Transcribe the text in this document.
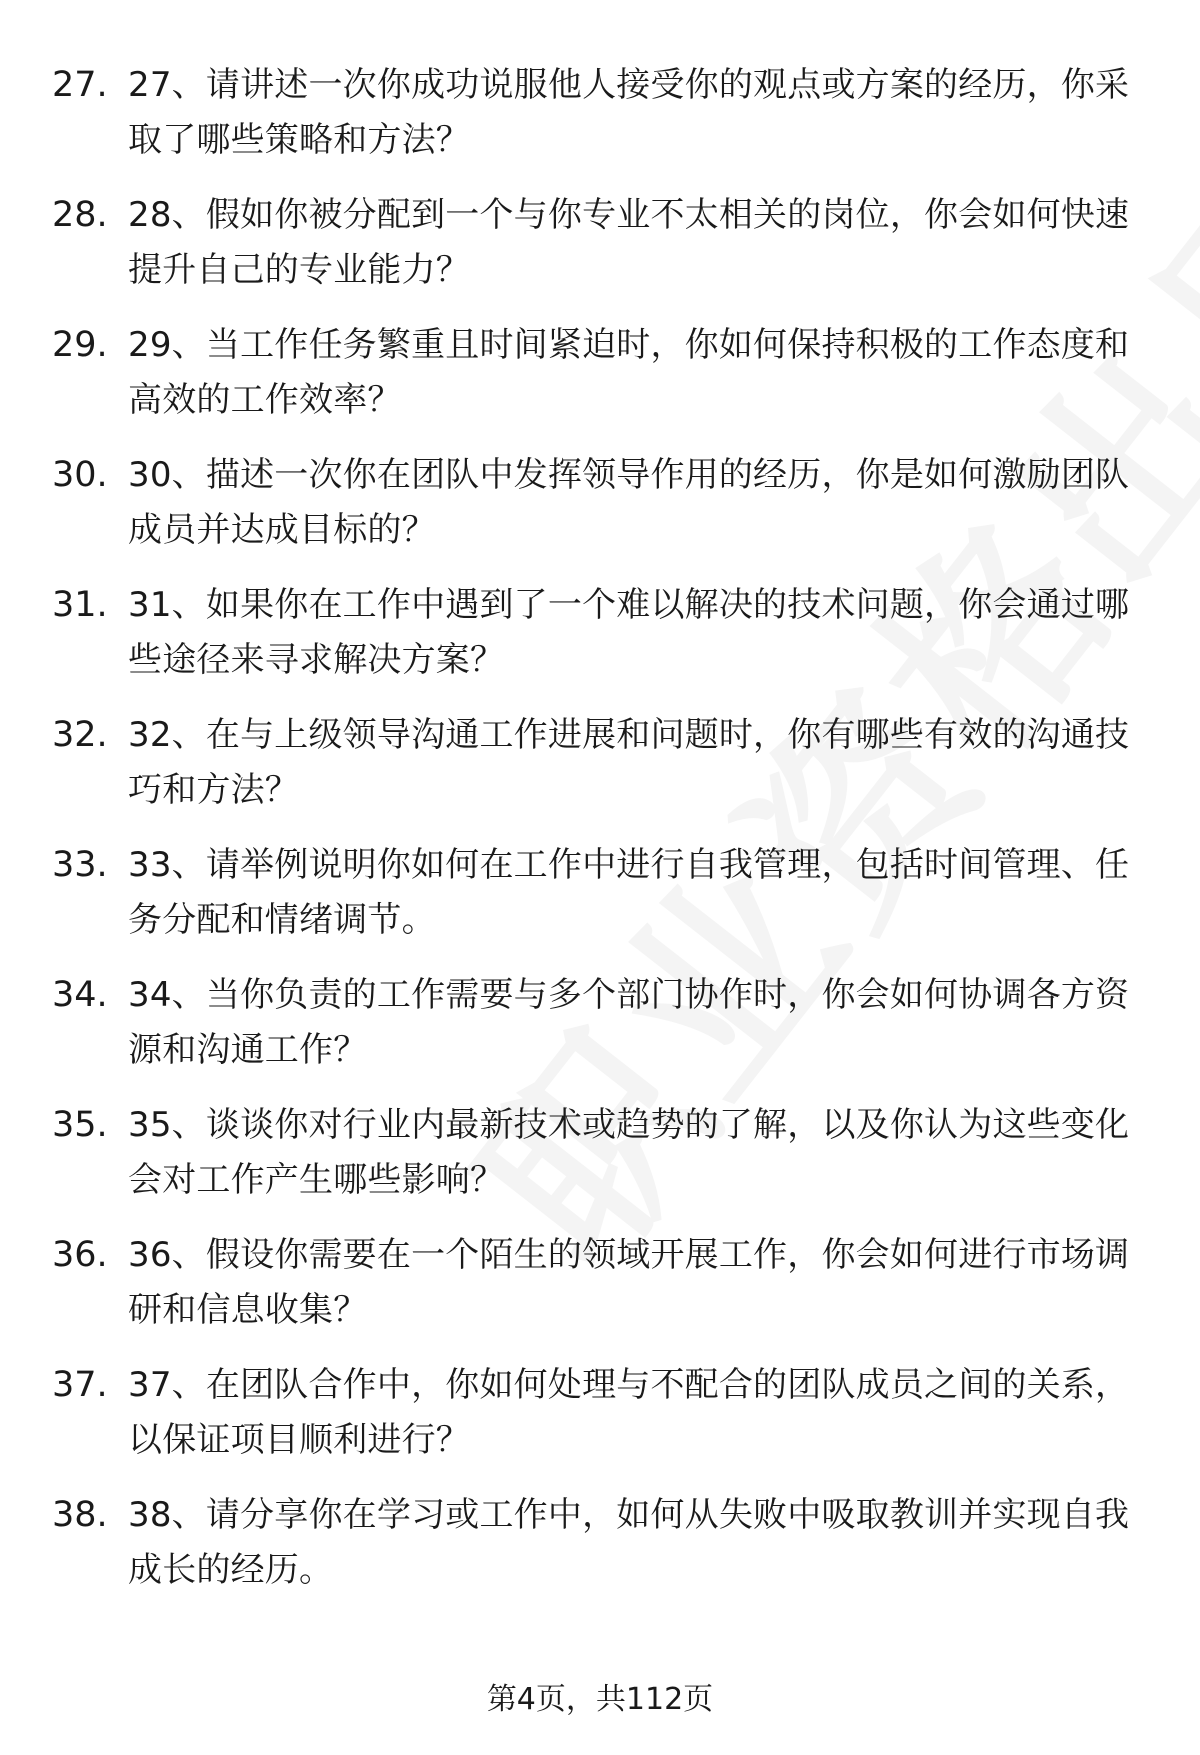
27. 27、请讲述一次你成功说服他人接受你的观点或方案的经历，你采取了哪些策略和方法？
28. 28、假如你被分配到一个与你专业不太相关的岗位，你会如何快速提升自己的专业能力？
29. 29、当工作任务繁重且时间紧迫时，你如何保持积极的工作态度和高效的工作效率？
30. 30、描述一次你在团队中发挥领导作用的经历，你是如何激励团队成员并达成目标的？
31. 31、如果你在工作中遇到了一个难以解决的技术问题，你会通过哪些途径来寻求解决方案？
32. 32、在与上级领导沟通工作进展和问题时，你有哪些有效的沟通技巧和方法？
33. 33、请举例说明你如何在工作中进行自我管理，包括时间管理、任务分配和情绪调节。
34. 34、当你负责的工作需要与多个部门协作时，你会如何协调各方资源和沟通工作？
35. 35、谈谈你对行业内最新技术或趋势的了解，以及你认为这些变化会对工作产生哪些影响？
36. 36、假设你需要在一个陌生的领域开展工作，你会如何进行市场调研和信息收集？
37. 37、在团队合作中，你如何处理与不配合的团队成员之间的关系，以保证项目顺利进行？
38. 38、请分享你在学习或工作中，如何从失败中吸取教训并实现自我成长的经历。
第4页，共112页
